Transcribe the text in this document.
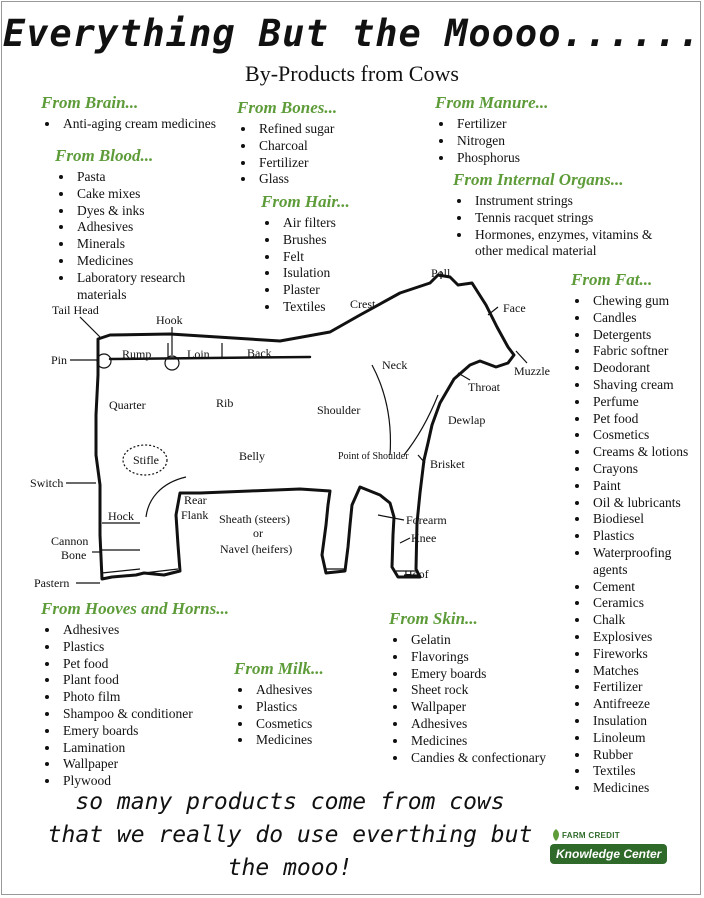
Everything But the Moooo......
By-Products from Cows
From Brain...
Anti-aging cream medicines
From Blood...
Pasta
Cake mixes
Dyes & inks
Adhesives
Minerals
Medicines
Laboratory research materials
From Bones...
Refined sugar
Charcoal
Fertilizer
Glass
From Hair...
Air filters
Brushes
Felt
Isulation
Plaster
Textiles
From Manure...
Fertilizer
Nitrogen
Phosphorus
From Internal Organs...
Instrument strings
Tennis racquet strings
Hormones, enzymes, vitamins & other medical material
From Fat...
Chewing gum
Candles
Detergents
Fabric softner
Deodorant
Shaving cream
Perfume
Pet food
Cosmetics
Creams & lotions
Crayons
Paint
Oil & lubricants
Biodiesel
Plastics
Waterproofing agents
Cement
Ceramics
Chalk
Explosives
Fireworks
Matches
Fertilizer
Antifreeze
Insulation
Linoleum
Rubber
Textiles
Medicines
From Hooves and Horns...
Adhesives
Plastics
Pet food
Plant food
Photo film
Shampoo & conditioner
Emery boards
Lamination
Wallpaper
Plywood
From Milk...
Adhesives
Plastics
Cosmetics
Medicines
From Skin...
Gelatin
Flavorings
Emery boards
Sheet rock
Wallpaper
Adhesives
Medicines
Candies & confectionary
Tail Head
Hook
Pin	Rump	Loin	Back
Crest
Poll
Face
Muzzle
Neck
Throat
Quarter	Rib	Shoulder
Dewlap
Point of Shoulder
Brisket
Stifle	Belly
Switch
Rear
Flank Sheath (steers)
or
Navel (heifers)
Forearm
Knee
Hock
Cannon
Bone
Pastern
Hoof
so many products come from cows
that we really do use everthing but
the mooo!
FARM CREDIT
Knowledge Center
